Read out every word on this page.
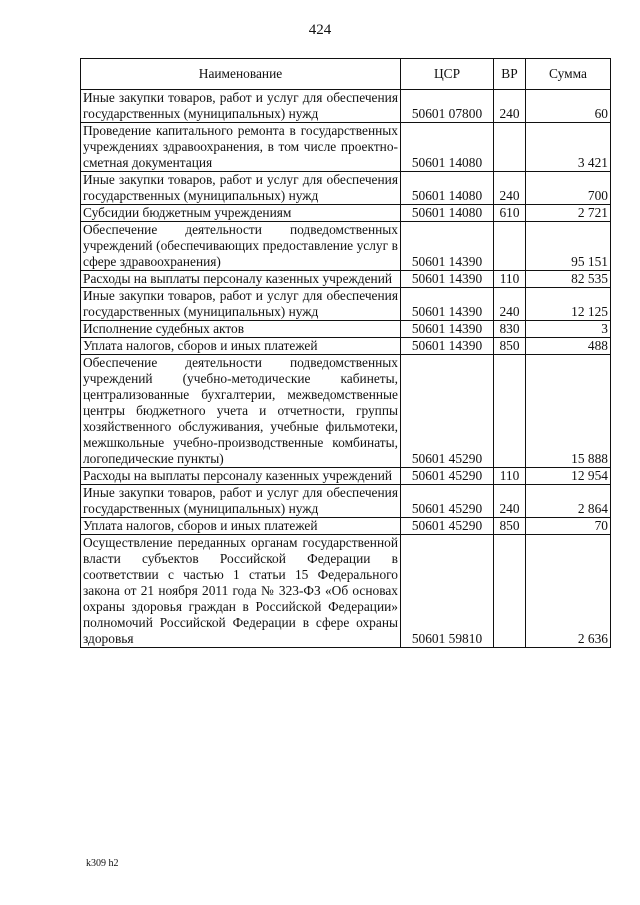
424
Наименование	ЦСР	ВР	Сумма
Иные закупки товаров, работ и услуг для обеспечения государственных (муниципальных) нужд	50601 07800	240	60
Проведение капитального ремонта в государственных учреждениях здравоохранения, в том числе проектно-сметная документация	50601 14080		3 421
Иные закупки товаров, работ и услуг для обеспечения государственных (муниципальных) нужд	50601 14080	240	700
Субсидии бюджетным учреждениям	50601 14080	610	2 721
Обеспечение деятельности подведомственных учреждений (обеспечивающих предоставление услуг в сфере здравоохранения)	50601 14390		95 151
Расходы на выплаты персоналу казенных учреждений	50601 14390	110	82 535
Иные закупки товаров, работ и услуг для обеспечения государственных (муниципальных) нужд	50601 14390	240	12 125
Исполнение судебных актов	50601 14390	830	3
Уплата налогов, сборов и иных платежей	50601 14390	850	488
Обеспечение деятельности подведомственных учреждений (учебно-методические кабинеты, централизованные бухгалтерии, межведомственные центры бюджетного учета и отчетности, группы хозяйственного обслуживания, учебные фильмотеки, межшкольные учебно-производственные комбинаты, логопедические пункты)	50601 45290		15 888
Расходы на выплаты персоналу казенных учреждений	50601 45290	110	12 954
Иные закупки товаров, работ и услуг для обеспечения государственных (муниципальных) нужд	50601 45290	240	2 864
Уплата налогов, сборов и иных платежей	50601 45290	850	70
Осуществление переданных органам государственной власти субъектов Российской Федерации в соответствии с частью 1 статьи 15 Федерального закона от 21 ноября 2011 года № 323-ФЗ «Об основах охраны здоровья граждан в Российской Федерации» полномочий Российской Федерации в сфере охраны здоровья	50601 59810		2 636
k309 h2
